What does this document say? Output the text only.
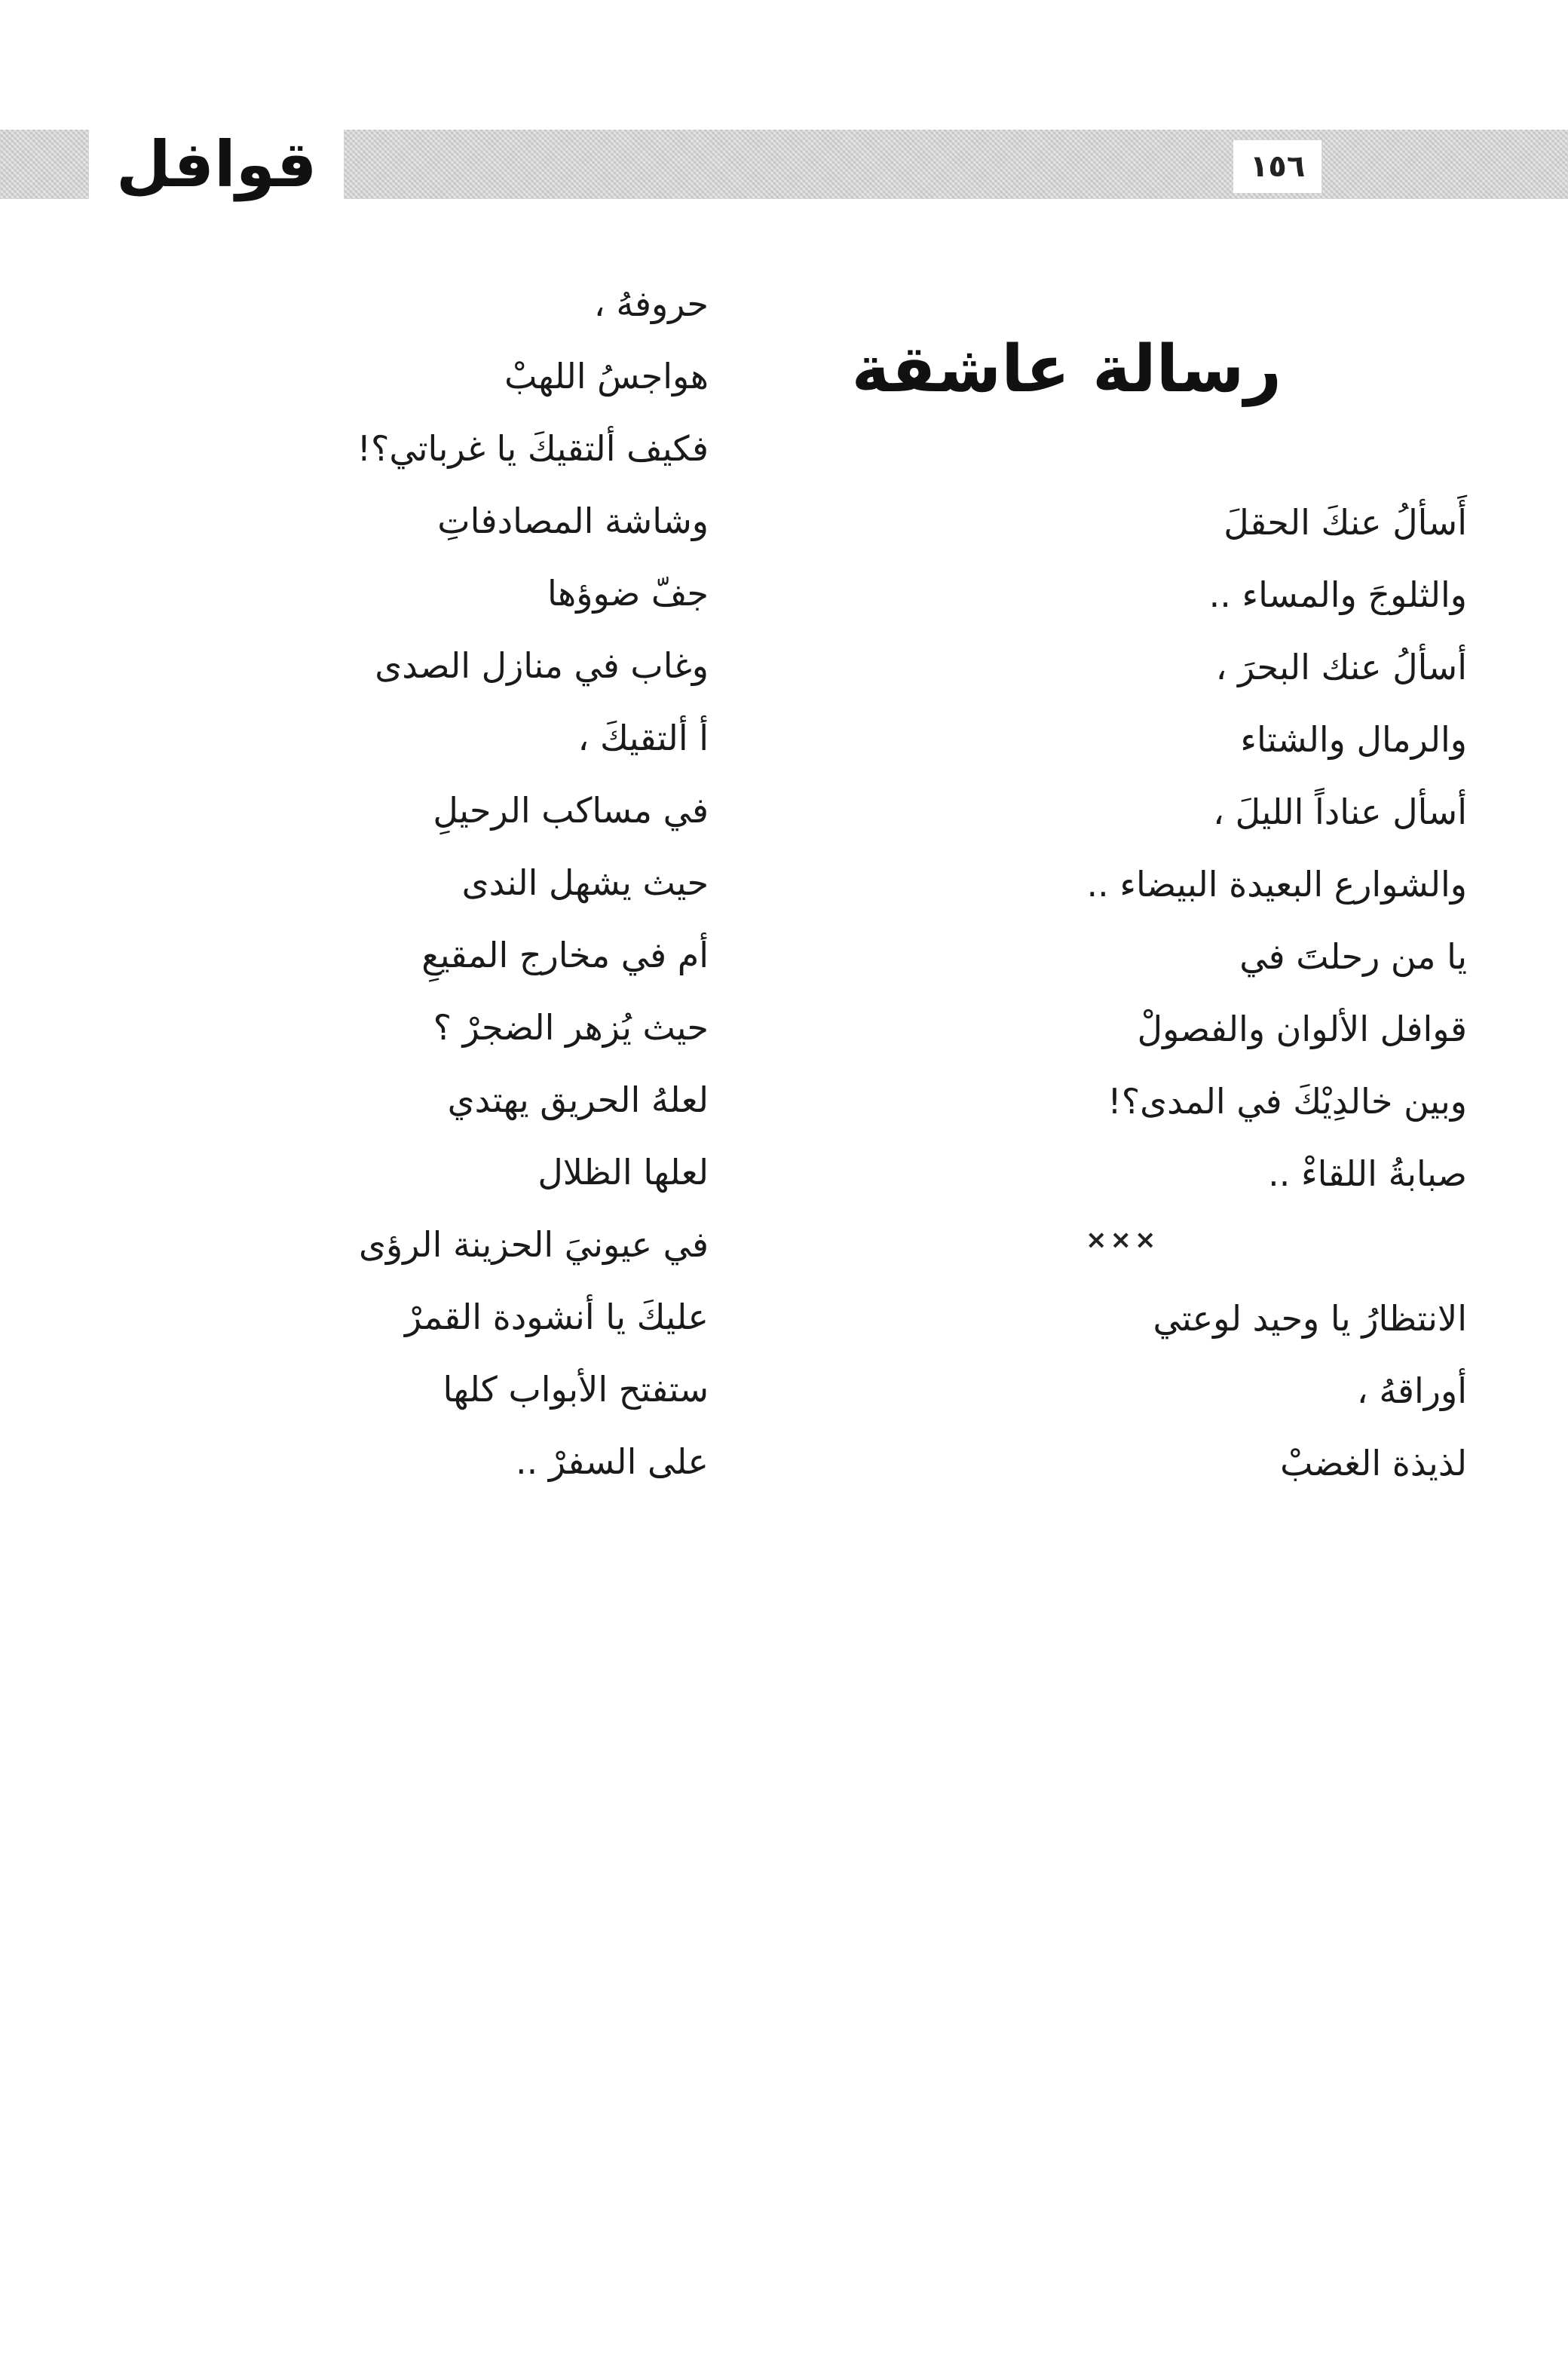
قوافل	١٥٦
رسالة عاشقة
أَسألُ عنكَ الحقلَ
والثلوجَ والمساء ..
أسألُ عنك البحرَ ،
والرمال والشتاء
أسأل عناداً الليلَ ،
والشوارع البعيدة البيضاء ..
يا من رحلتَ في
قوافل الألوان والفصولْ
وبين خالدِيْكَ في المدى؟!
صبابةُ اللقاءْ ..
الانتظارُ يا وحيد لوعتي
أوراقهُ ،
لذيذة الغضبْ
×××
حروفهُ ،
هواجسُ اللهبْ
فكيف ألتقيكَ يا غرباتي؟!
وشاشة المصادفاتِ
جفّ ضوؤها
وغاب في منازل الصدى
أ ألتقيكَ ،
في مساكب الرحيلِ
حيث يشهل الندى
أم في مخارج المقيعِ
حيث يُزهر الضجرْ ؟
لعلهُ الحريق يهتدي
لعلها الظلال
في عيونيَ الحزينة الرؤى
عليكَ يا أنشودة القمرْ
ستفتح الأبواب كلها
على السفرْ ..
